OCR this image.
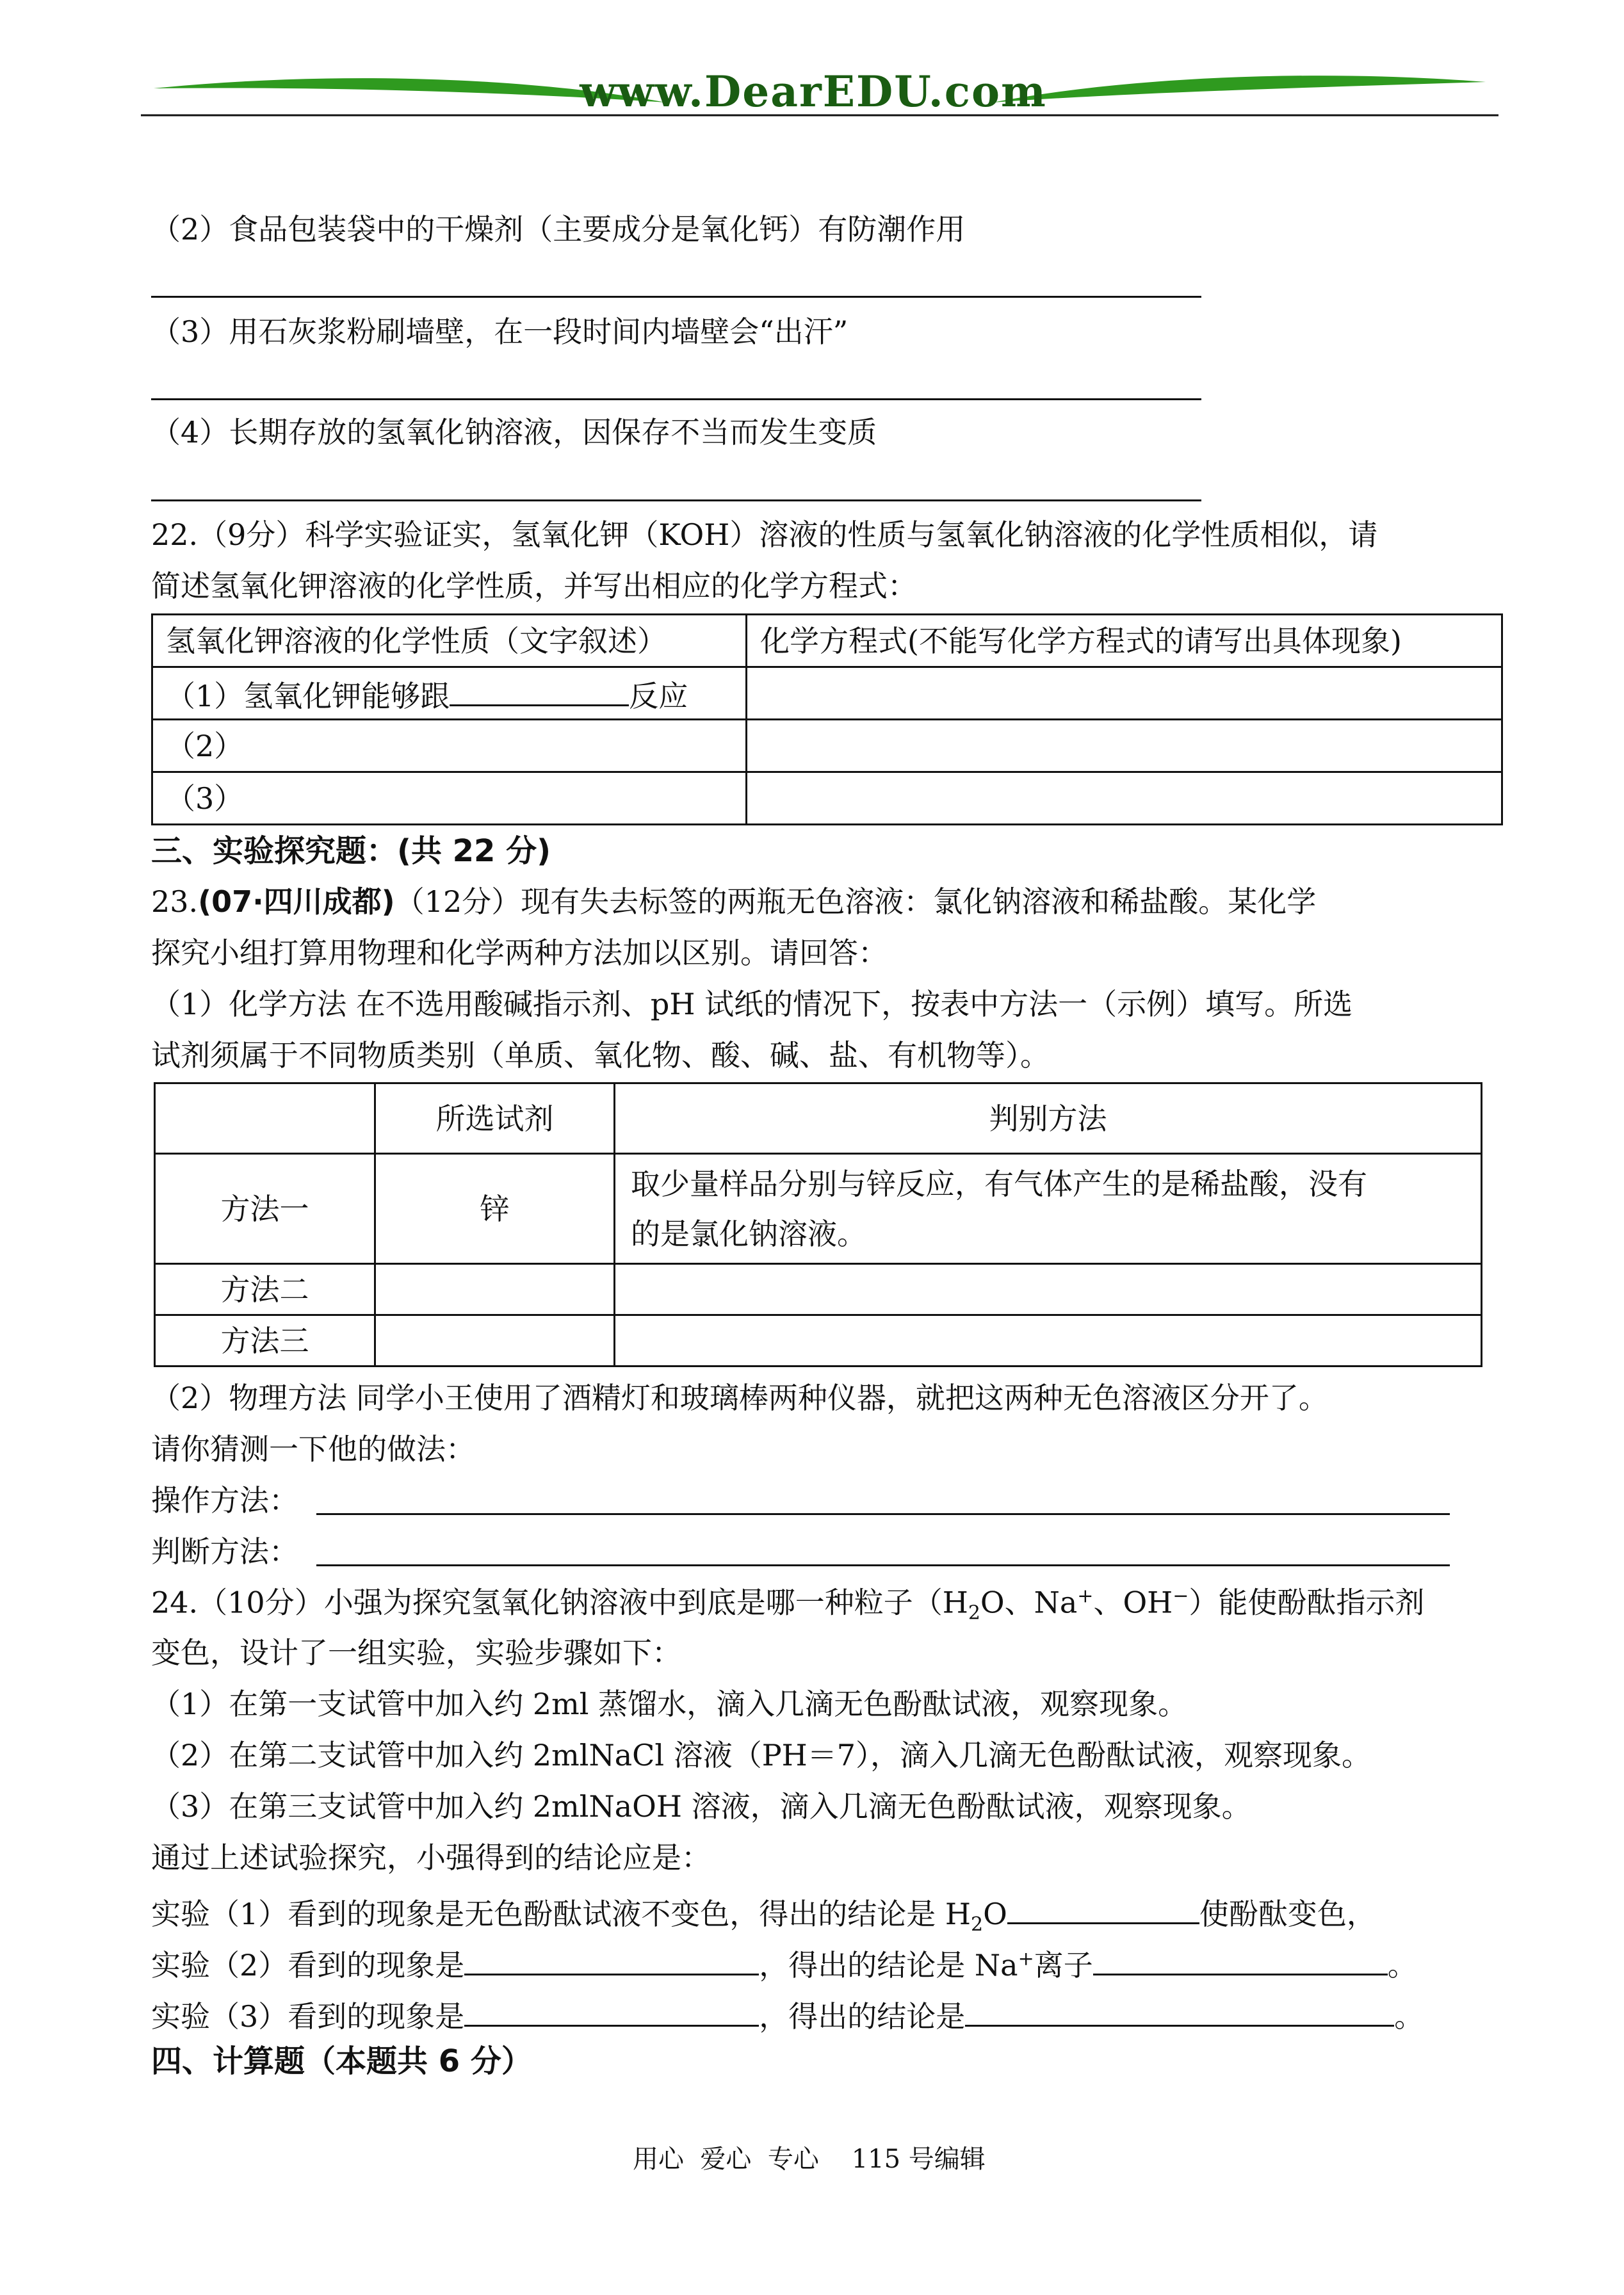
www.DearEDU.com
（2）食品包装袋中的干燥剂（主要成分是氧化钙）有防潮作用
（3）用石灰浆粉刷墙壁，在一段时间内墙壁会“出汗”
（4）长期存放的氢氧化钠溶液，因保存不当而发生变质
22.（9分）科学实验证实，氢氧化钾（KOH）溶液的性质与氢氧化钠溶液的化学性质相似，请
简述氢氧化钾溶液的化学性质，并写出相应的化学方程式：
氢氧化钾溶液的化学性质（文字叙述）	化学方程式(不能写化学方程式的请写出具体现象)
（1）氢氧化钾能够跟 反应	
（2）	
（3）	
三、实验探究题：(共 22 分)
23.(07·四川成都)（12分）现有失去标签的两瓶无色溶液：氯化钠溶液和稀盐酸。某化学
探究小组打算用物理和化学两种方法加以区别。请回答：
（1）化学方法 在不选用酸碱指示剂、pH 试纸的情况下，按表中方法一（示例）填写。所选
试剂须属于不同物质类别（单质、氧化物、酸、碱、盐、有机物等）。
	所选试剂	判别方法
方法一	锌	取少量样品分别与锌反应，有气体产生的是稀盐酸，没有
的是氯化钠溶液。

方法二		
方法三		
（2）物理方法 同学小王使用了酒精灯和玻璃棒两种仪器，就把这两种无色溶液区分开了。
请你猜测一下他的做法：
操作方法：
判断方法：
24.（10分）小强为探究氢氧化钠溶液中到底是哪一种粒子（$H_2O$、Na+、OH−）能使酚酞指示剂
变色，设计了一组实验，实验步骤如下：
（1）在第一支试管中加入约 2ml 蒸馏水，滴入几滴无色酚酞试液，观察现象。
（2）在第二支试管中加入约 2mlNaCl 溶液（PH＝7），滴入几滴无色酚酞试液，观察现象。
（3）在第三支试管中加入约 2mlNaOH 溶液，滴入几滴无色酚酞试液，观察现象。
通过上述试验探究，小强得到的结论应是：
实验（1）看到的现象是无色酚酞试液不变色，得出的结论是 $H_2O$	使酚酞变色，
实验（2）看到的现象是	，得出的结论是 Na+离子	。
实验（3）看到的现象是	，得出的结论是	。
四、计算题（本题共 6 分）
用心  爱心  专心    115 号编辑
